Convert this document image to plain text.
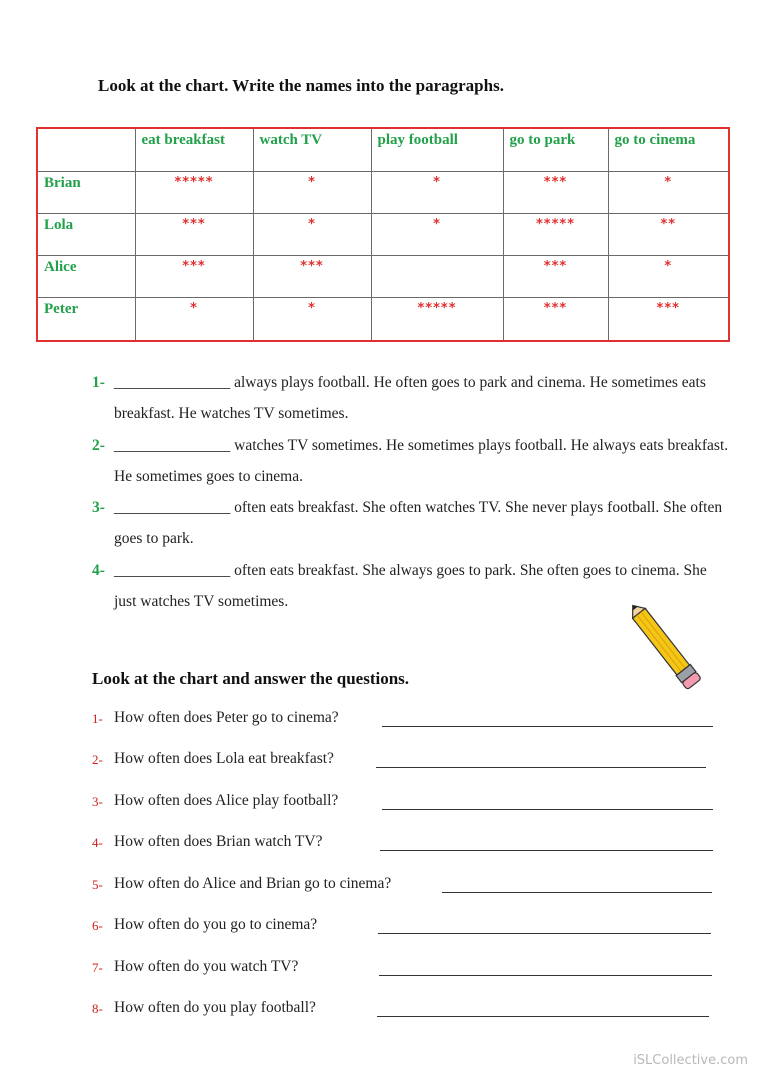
Look at the chart. Write the names into the paragraphs.
	eat breakfast	watch TV	play football	go to park	go to cinema
Brian	*****	*	*	***	*
Lola	***	*	*	*****	**
Alice	***	***		***	*
Peter	*	*	*****	***	***
1- _______________ always plays football. He often goes to park and cinema. He sometimes eats breakfast. He watches TV sometimes.
2- _______________ watches TV sometimes. He sometimes plays football. He always eats breakfast. He sometimes goes to cinema.
3- _______________ often eats breakfast. She often watches TV. She never plays football. She often goes to park.
4- _______________ often eats breakfast. She always goes to park. She often goes to cinema. She just watches TV sometimes.
Look at the chart and answer the questions.
1- How often does Peter go to cinema?
2- How often does Lola eat breakfast?
3- How often does Alice play football?
4- How often does Brian watch TV?
5- How often do Alice and Brian go to cinema?
6- How often do you go to cinema?
7- How often do you watch TV?
8- How often do you play football?
iSLCollective.com
